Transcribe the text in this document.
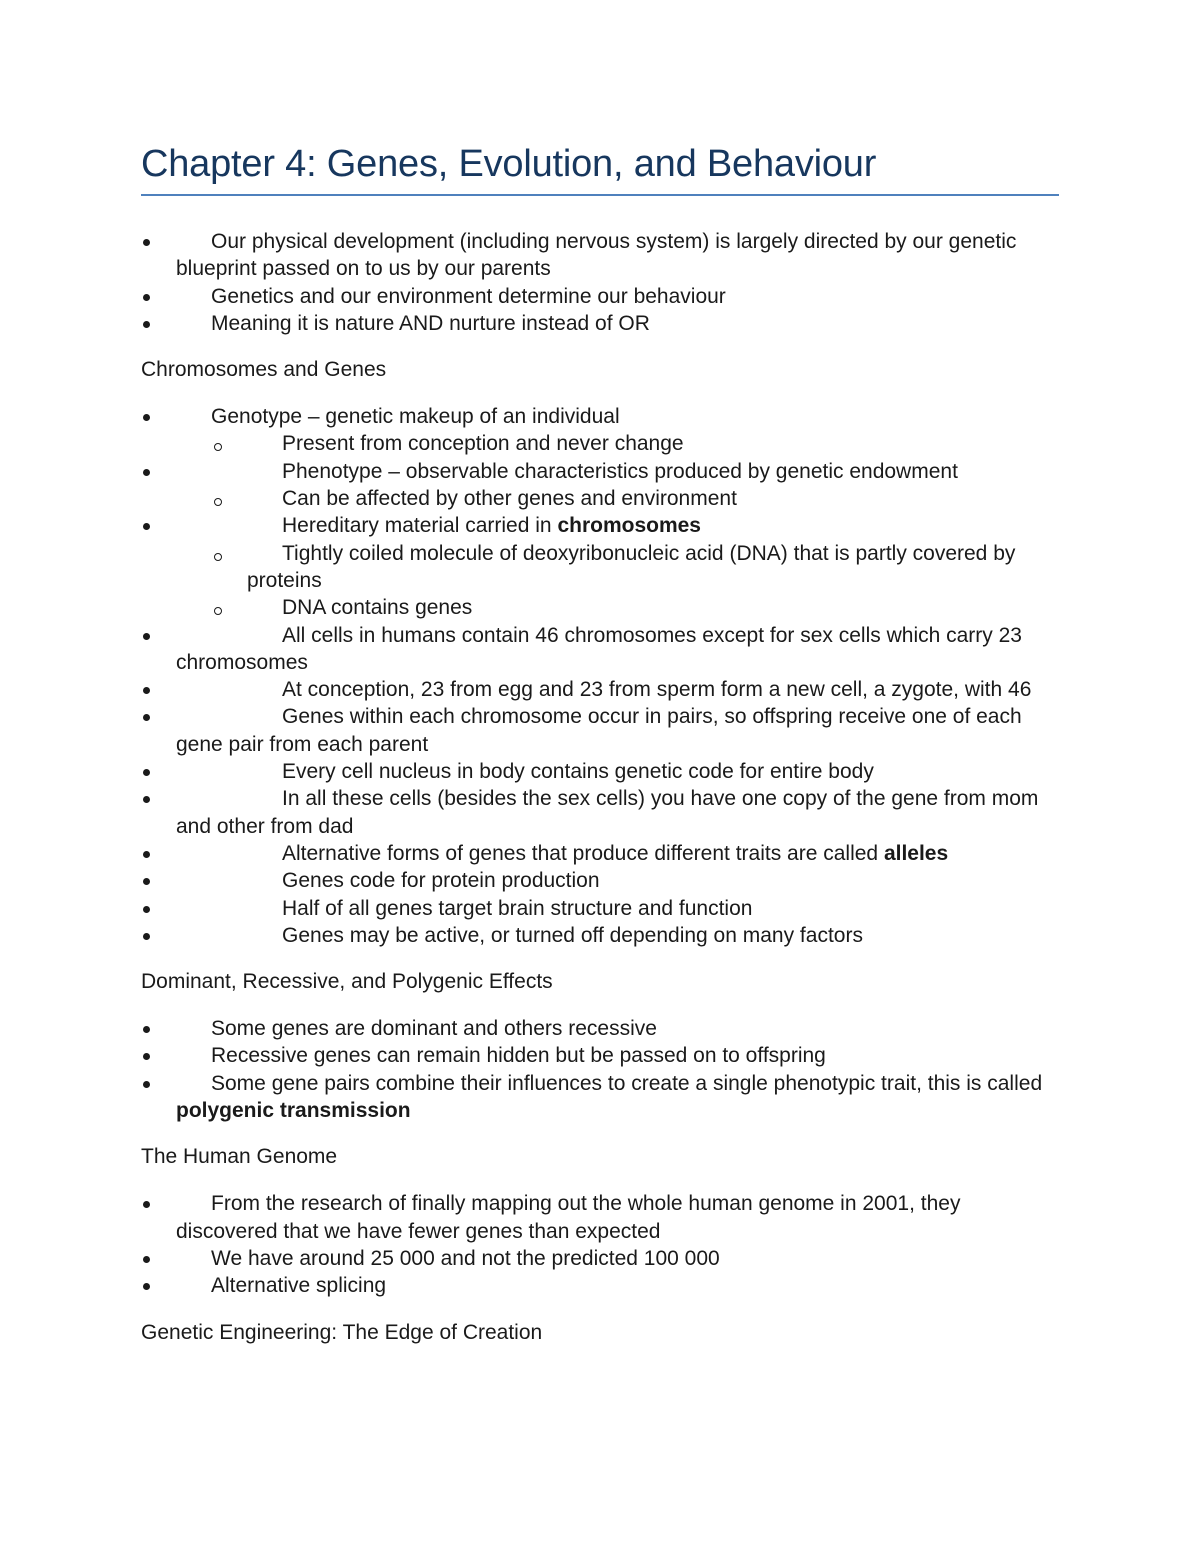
Chapter 4: Genes, Evolution, and Behaviour
Our physical development (including nervous system) is largely directed by our genetic blueprint passed on to us by our parents
Genetics and our environment determine our behaviour
Meaning it is nature AND nurture instead of OR
Chromosomes and Genes
Genotype – genetic makeup of an individual
Present from conception and never change
Phenotype – observable characteristics produced by genetic endowment
Can be affected by other genes and environment
Hereditary material carried in chromosomes
Tightly coiled molecule of deoxyribonucleic acid (DNA) that is partly covered by proteins
DNA contains genes
All cells in humans contain 46 chromosomes except for sex cells which carry 23 chromosomes
At conception, 23 from egg and 23 from sperm form a new cell, a zygote, with 46
Genes within each chromosome occur in pairs, so offspring receive one of each gene pair from each parent
Every cell nucleus in body contains genetic code for entire body
In all these cells (besides the sex cells) you have one copy of the gene from mom and other from dad
Alternative forms of genes that produce different traits are called alleles
Genes code for protein production
Half of all genes target brain structure and function
Genes may be active, or turned off depending on many factors
Dominant, Recessive, and Polygenic Effects
Some genes are dominant and others recessive
Recessive genes can remain hidden but be passed on to offspring
Some gene pairs combine their influences to create a single phenotypic trait, this is called polygenic transmission
The Human Genome
From the research of finally mapping out the whole human genome in 2001, they discovered that we have fewer genes than expected
We have around 25 000 and not the predicted 100 000
Alternative splicing
Genetic Engineering: The Edge of Creation
